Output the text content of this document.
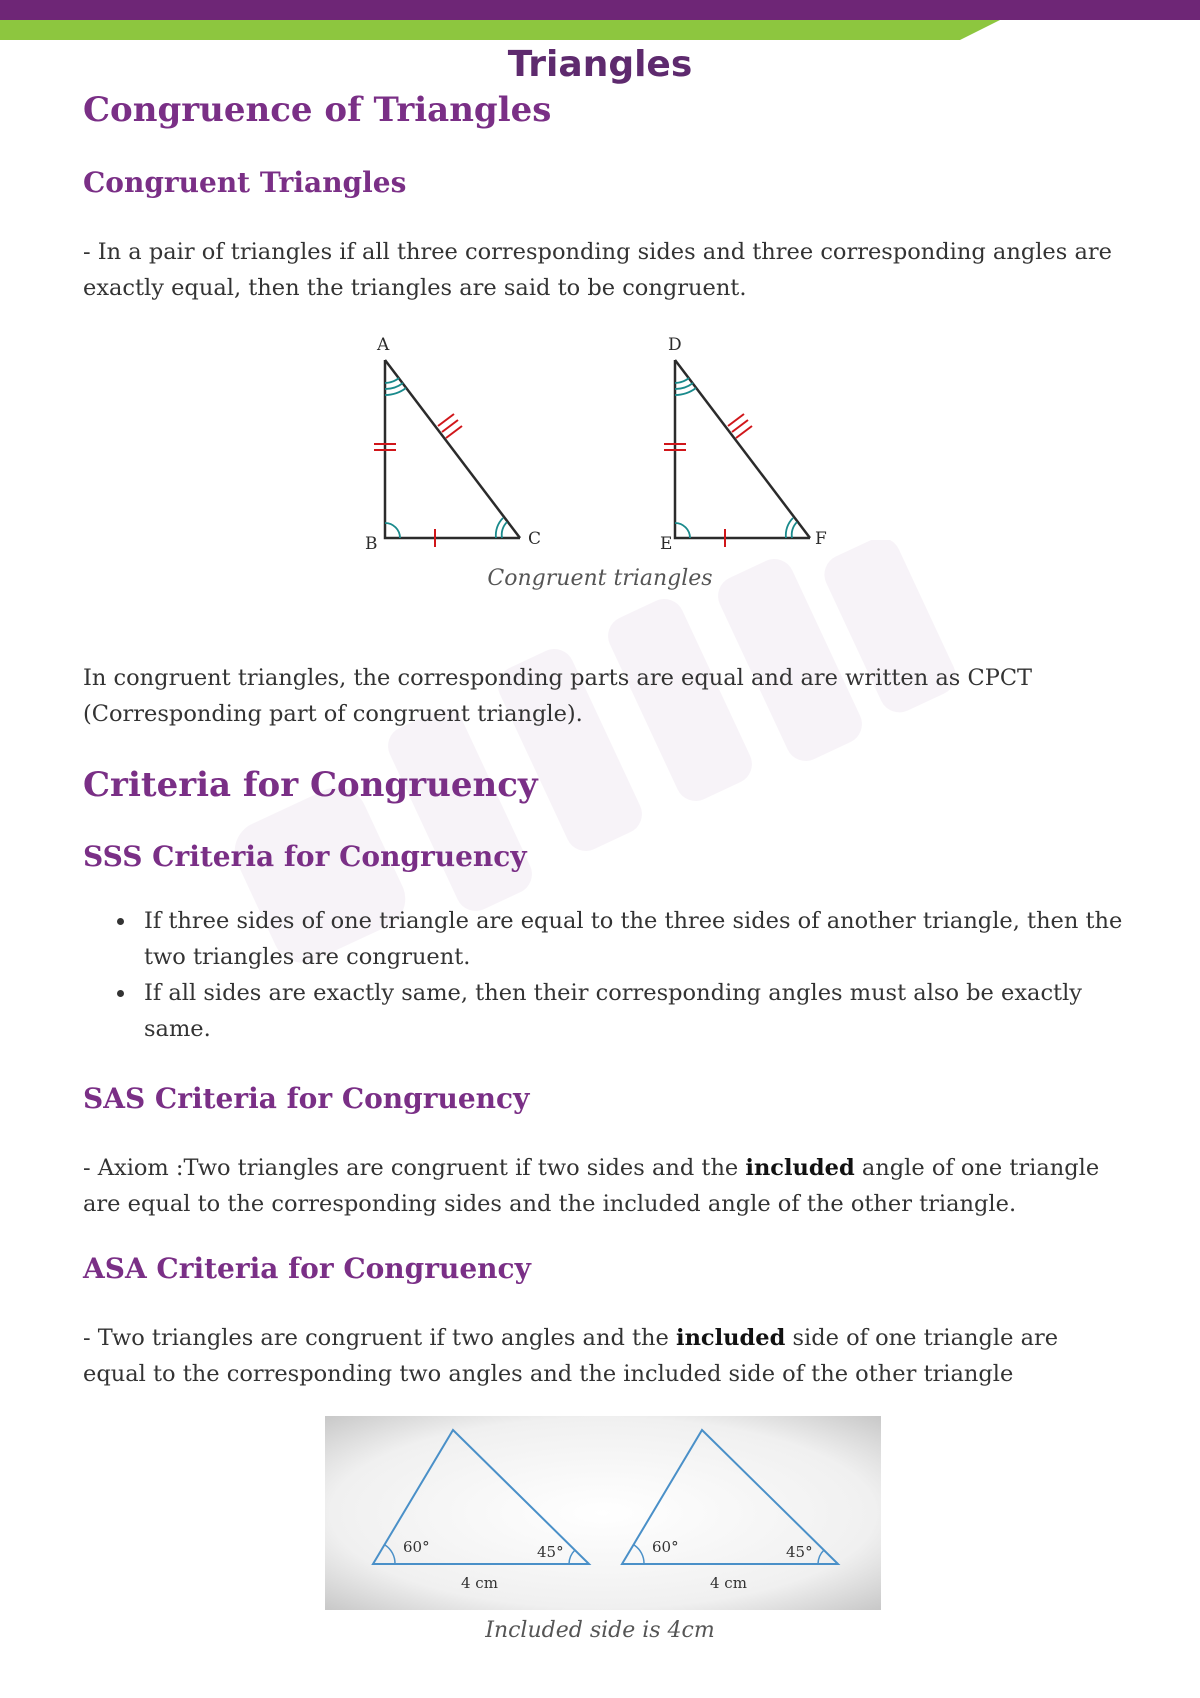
Triangles
Congruence of Triangles
Congruent Triangles

- In a pair of triangles if all three corresponding sides and three corresponding angles are exactly equal, then the triangles are said to be congruent.

A
B	C
D
E	F

Congruent triangles

In congruent triangles, the corresponding parts are equal and are written as CPCT (Corresponding part of congruent triangle).

Criteria for Congruency
SSS Criteria for Congruency
If three sides of one triangle are equal to the three sides of another triangle, then the two triangles are congruent.
If all sides are exactly same, then their corresponding angles must also be exactly same.
SAS Criteria for Congruency

- Axiom :Two triangles are congruent if two sides and the included angle of one triangle are equal to the corresponding sides and the included angle of the other triangle.

ASA Criteria for Congruency

- Two triangles are congruent if two angles and the included side of one triangle are equal to the corresponding two angles and the included side of the other triangle

60°	45°
4 cm
60°	45°
4 cm

Included side is 4cm
